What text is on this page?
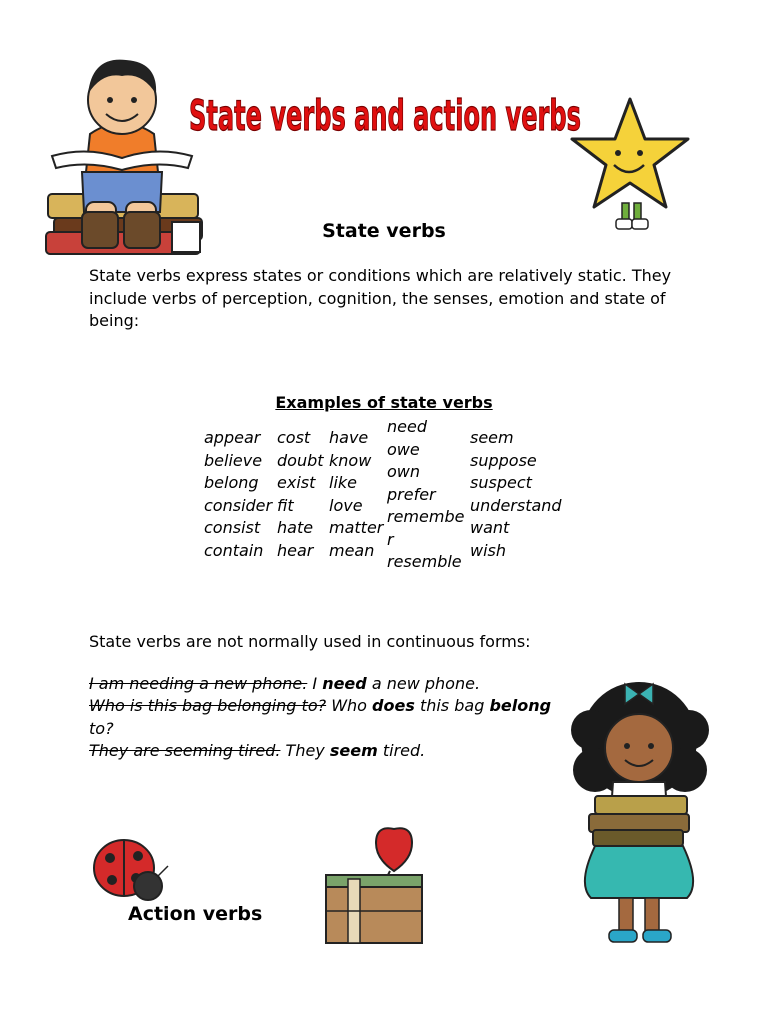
State verbs and action verbs
State verbs
State verbs express states or conditions which are relatively static. They include verbs of perception, cognition, the senses, emotion and state of being:
Examples of state verbs
appear
believe
belong
consider
consist
contain
cost
doubt
exist
fit
hate
hear
have
know
like
love
matter
mean
need
owe
own
prefer
remember
resemble
seem
suppose
suspect
understand
want
wish
State verbs are not normally used in continuous forms:
I am needing a new phone. I need a new phone.
Who is this bag belonging to? Who does this bag belong to?
They are seeming tired. They seem tired.
Action verbs
